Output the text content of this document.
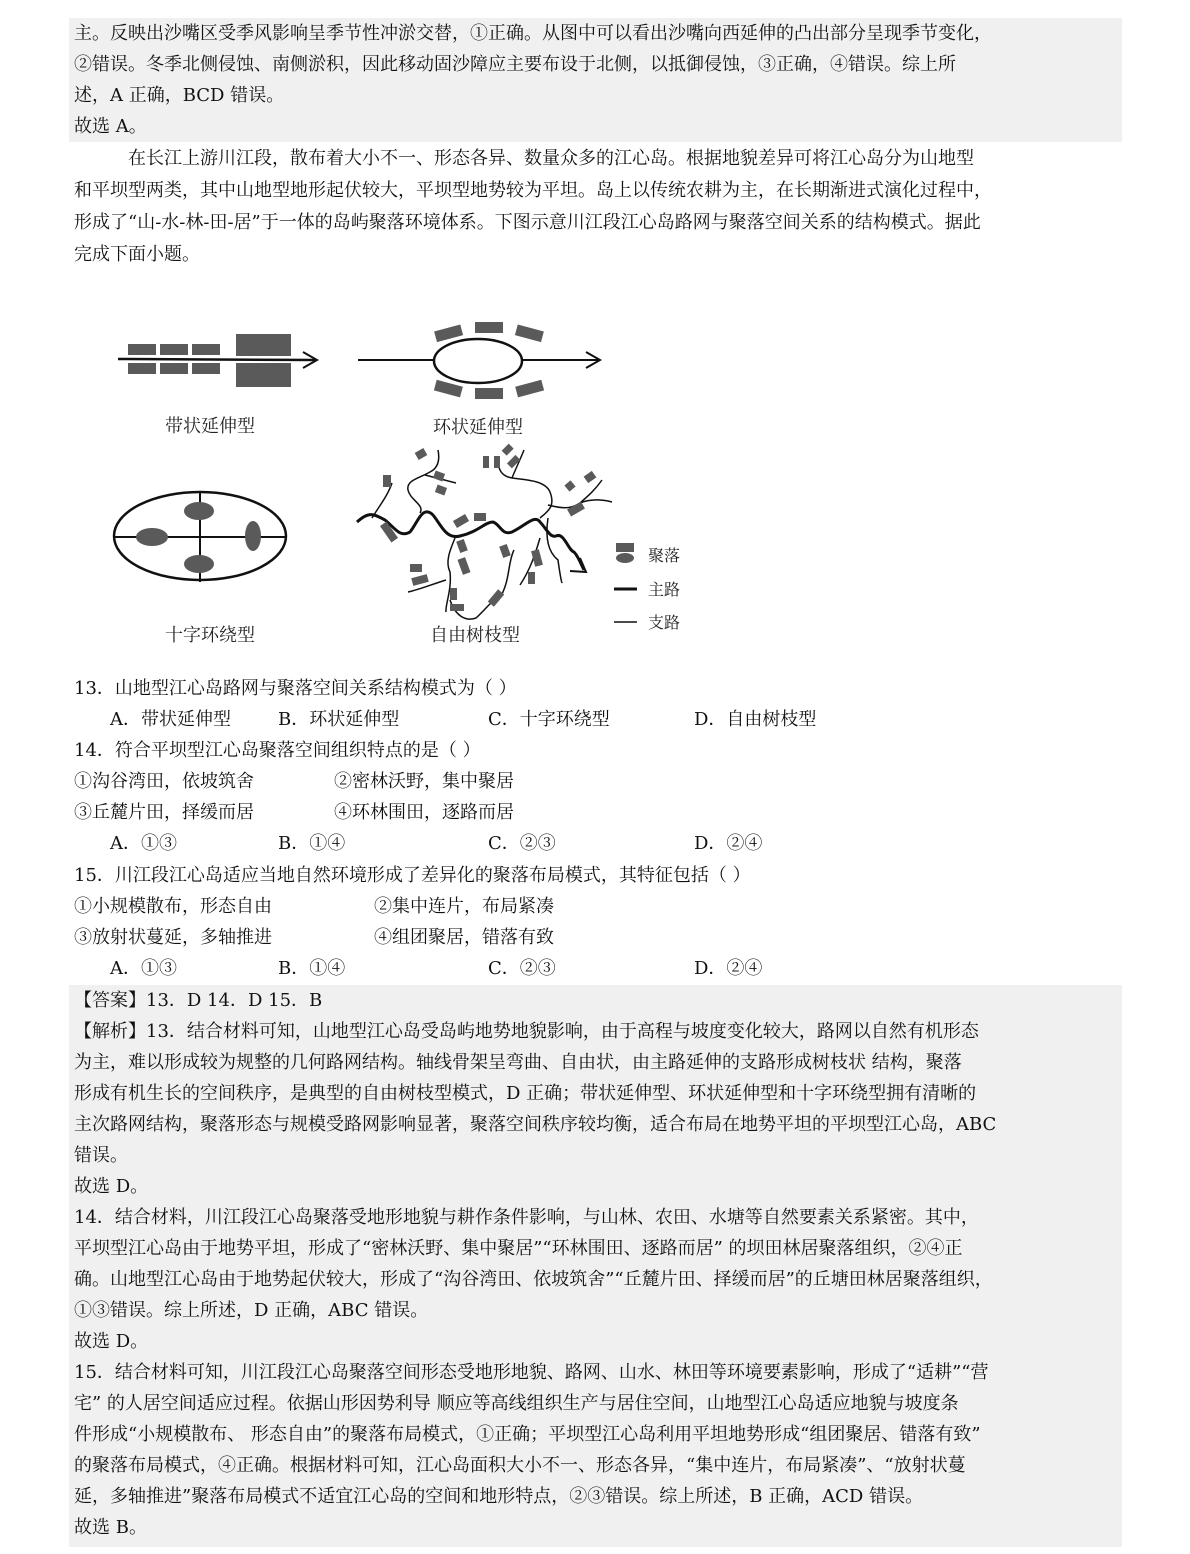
主。反映出沙嘴区受季风影响呈季节性冲淤交替，①正确。从图中可以看出沙嘴向西延伸的凸出部分呈现季节变化，
②错误。冬季北侧侵蚀、南侧淤积，因此移动固沙障应主要布设于北侧，以抵御侵蚀，③正确，④错误。综上所
述，A 正确，BCD 错误。
故选 A。
在长江上游川江段，散布着大小不一、形态各异、数量众多的江心岛。根据地貌差异可将江心岛分为山地型
和平坝型两类，其中山地型地形起伏较大，平坝型地势较为平坦。岛上以传统农耕为主，在长期渐进式演化过程中，
形成了“山-水-林-田-居”于一体的岛屿聚落环境体系。下图示意川江段江心岛路网与聚落空间关系的结构模式。据此
完成下面小题。
带状延伸型	环状延伸型
十字环绕型	自由树枝型
聚落
主路
支路
13．山地型江心岛路网与聚落空间关系结构模式为（ ）
A．带状延伸型	B．环状延伸型	C．十字环绕型	D．自由树枝型
14．符合平坝型江心岛聚落空间组织特点的是（ ）
①沟谷湾田，依坡筑舍	②密林沃野，集中聚居
③丘麓片田，择缓而居	④环林围田，逐路而居
A．①③	B．①④	C．②③	D．②④
15．川江段江心岛适应当地自然环境形成了差异化的聚落布局模式，其特征包括（ ）
①小规模散布，形态自由	②集中连片，布局紧凑
③放射状蔓延，多轴推进	④组团聚居，错落有致
A．①③	B．①④	C．②③	D．②④
【答案】13．D 14．D 15．B
【解析】13．结合材料可知，山地型江心岛受岛屿地势地貌影响，由于高程与坡度变化较大，路网以自然有机形态
为主，难以形成较为规整的几何路网结构。轴线骨架呈弯曲、自由状，由主路延伸的支路形成树枝状 结构，聚落
形成有机生长的空间秩序，是典型的自由树枝型模式，D 正确；带状延伸型、环状延伸型和十字环绕型拥有清晰的
主次路网结构，聚落形态与规模受路网影响显著，聚落空间秩序较均衡，适合布局在地势平坦的平坝型江心岛，ABC
错误。
故选 D。
14．结合材料，川江段江心岛聚落受地形地貌与耕作条件影响，与山林、农田、水塘等自然要素关系紧密。其中，
平坝型江心岛由于地势平坦，形成了“密林沃野、集中聚居”“环林围田、逐路而居” 的坝田林居聚落组织，②④正
确。山地型江心岛由于地势起伏较大，形成了“沟谷湾田、依坡筑舍”“丘麓片田、择缓而居”的丘塘田林居聚落组织，
①③错误。综上所述，D 正确，ABC 错误。
故选 D。
15．结合材料可知，川江段江心岛聚落空间形态受地形地貌、路网、山水、林田等环境要素影响，形成了“适耕”“营
宅” 的人居空间适应过程。依据山形因势利导 顺应等高线组织生产与居住空间，山地型江心岛适应地貌与坡度条
件形成“小规模散布、 形态自由”的聚落布局模式，①正确；平坝型江心岛利用平坦地势形成“组团聚居、错落有致”
的聚落布局模式，④正确。根据材料可知，江心岛面积大小不一、形态各异，“集中连片，布局紧凑”、“放射状蔓
延，多轴推进”聚落布局模式不适宜江心岛的空间和地形特点，②③错误。综上所述，B 正确，ACD 错误。
故选 B。
